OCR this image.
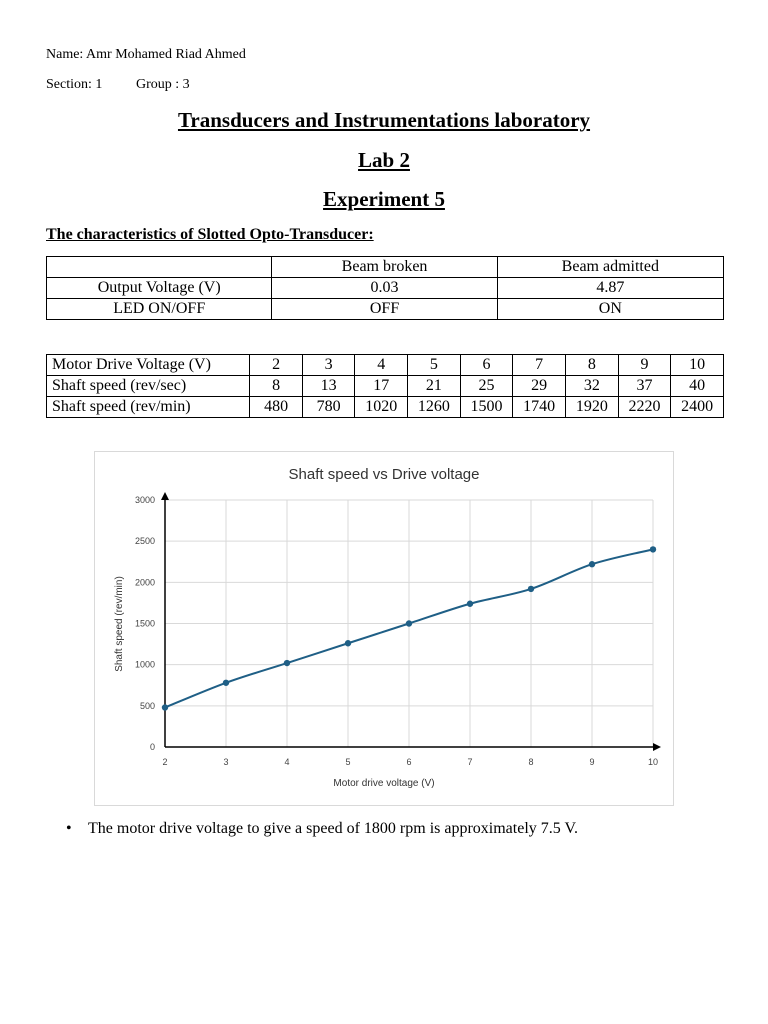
Name: Amr Mohamed Riad Ahmed
Section: 1 Group : 3
Transducers and Instrumentations laboratory
Lab 2
Experiment 5
The characteristics of Slotted Opto-Transducer:
	Beam broken	Beam admitted
Output Voltage (V)	0.03	4.87
LED ON/OFF	OFF	ON
Motor Drive Voltage (V)	2	3	4	5	6	7	8	9	10
Shaft speed (rev/sec)	8	13	17	21	25	29	32	37	40
Shaft speed (rev/min)	480	780	1020	1260	1500	1740	1920	2220	2400
Shaft speed vs Drive voltage
0
500
1000
1500
2000
2500
3000
2	3	4	5	6	7	8	9	10
Motor drive voltage (V)
Shaft speed (rev/min)
• The motor drive voltage to give a speed of 1800 rpm is approximately 7.5 V.
